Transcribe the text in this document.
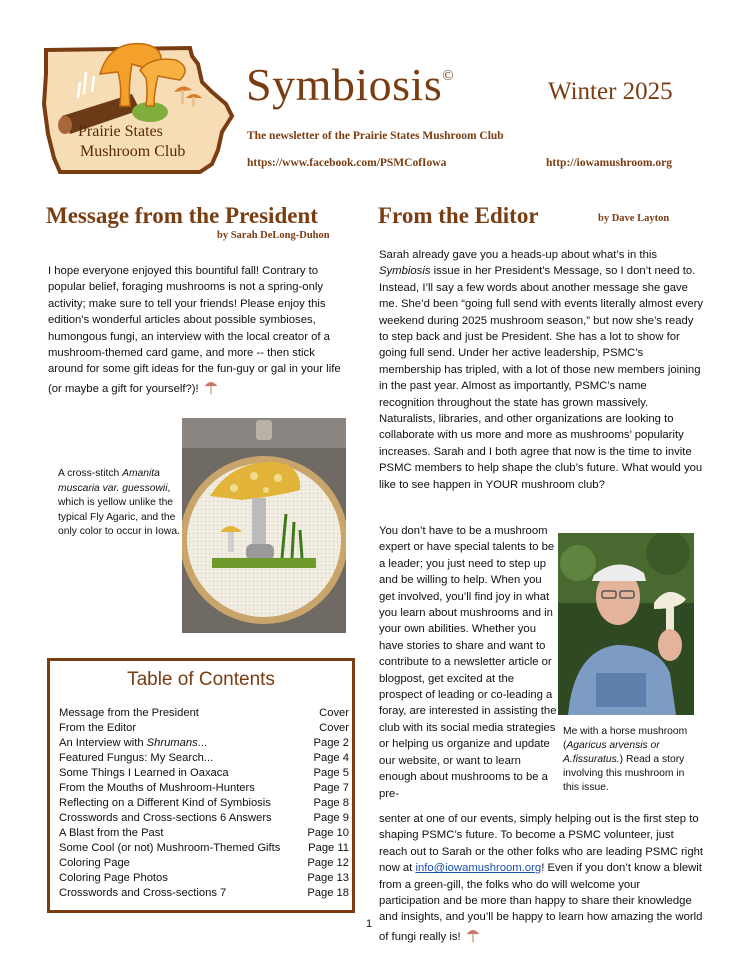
Prairie States
Mushroom Club
Symbiosis©
Winter 2025
The newsletter of the Prairie States Mushroom Club
https://www.facebook.com/PSMCofIowa	http://iowamushroom.org
Message from the President
by Sarah DeLong-Duhon

I hope everyone enjoyed this bountiful fall! Contrary to popular belief, foraging mushrooms is not a spring-only activity; make sure to tell your friends! Please enjoy this edition's wonderful articles about possible symbioses, humongous fungi, an interview with the local creator of a mushroom-themed card game, and more -- then stick around for some gift ideas for the fun-guy or gal in your life (or maybe a gift for yourself?)!

A cross-stitch Amanita muscaria var. guessowii, which is yellow unlike the typical Fly Agaric, and the only color to occur in Iowa.
Table of Contents
Message from the President	Cover
From the Editor	Cover
An Interview with Shrumans...	Page 2
Featured Fungus: My Search...	Page 4
Some Things I Learned in Oaxaca	Page 5
From the Mouths of Mushroom-Hunters	Page 7
Reflecting on a Different Kind of Symbiosis	Page 8
Crosswords and Cross-sections 6 Answers	Page 9
A Blast from the Past	Page 10
Some Cool (or not) Mushroom-Themed Gifts Page 11
Coloring Page	Page 12
Coloring Page Photos	Page 13
Crosswords and Cross-sections 7	Page 18
From the Editor	by Dave Layton

Sarah already gave you a heads-up about what’s in this Symbiosis issue in her President’s Message, so I don’t need to. Instead, I’ll say a few words about another message she gave me. She’d been “going full send with events literally almost every weekend during 2025 mushroom season,” but now she’s ready to step back and just be President. She has a lot to show for going full send. Under her active leadership, PSMC’s membership has tripled, with a lot of those new members joining in the past year. Almost as importantly, PSMC’s name recognition throughout the state has grown massively. Naturalists, libraries, and other organizations are looking to collaborate with us more and more as mushrooms’ popularity increases. Sarah and I both agree that now is the time to invite PSMC members to help shape the club’s future. What would you like to see happen in YOUR mushroom club?

You don’t have to be a mushroom expert or have special talents to be a leader; you just need to step up and be willing to help. When you get involved, you’ll find joy in what you learn about mushrooms and in your own abilities. Whether you have stories to share and want to contribute to a newsletter article or blogpost, get excited at the prospect of leading or co-leading a foray, are interested in assisting the club with its social media strategies or helping us organize and update our website, or want to learn enough about mushrooms to be a pre-

Me with a horse mushroom (Agaricus arvensis or A.fissuratus.) Read a story involving this mushroom in this issue.

senter at one of our events, simply helping out is the first step to shaping PSMC’s future. To become a PSMC volunteer, just reach out to Sarah or the other folks who are leading PSMC right now at info@iowamushroom.org! Even if you don’t know a blewit from a green-gill, the folks who do will welcome your participation and be more than happy to share their knowledge and insights, and you’ll be happy to learn how amazing the world of fungi really is!

1
